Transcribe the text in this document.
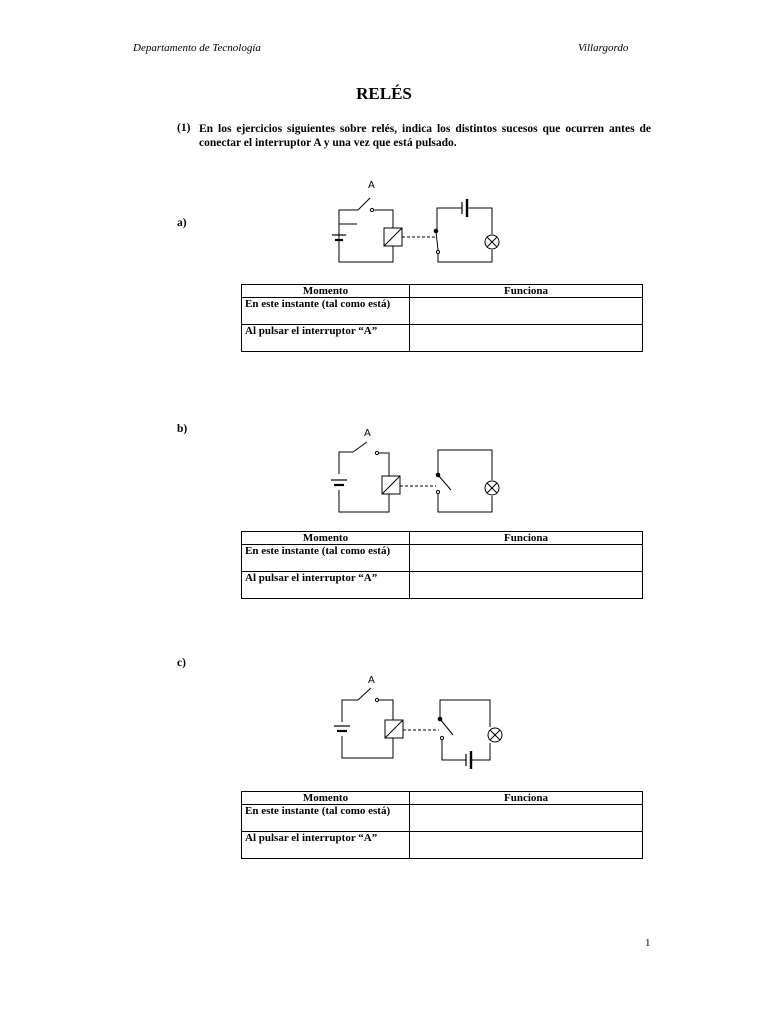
Departamento de Tecnología	Villargordo
RELÉS
(1) En los ejercicios siguientes sobre relés, indica los distintos sucesos que ocurren antes de conectar el interruptor A y una vez que está pulsado.
a)
A
Momento	Funciona
En este instante (tal como está)	
Al pulsar el interruptor “A”	
b)	A
Momento	Funciona
En este instante (tal como está)	
Al pulsar el interruptor “A”	
c)
A
Momento	Funciona
En este instante (tal como está)	
Al pulsar el interruptor “A”	
1
